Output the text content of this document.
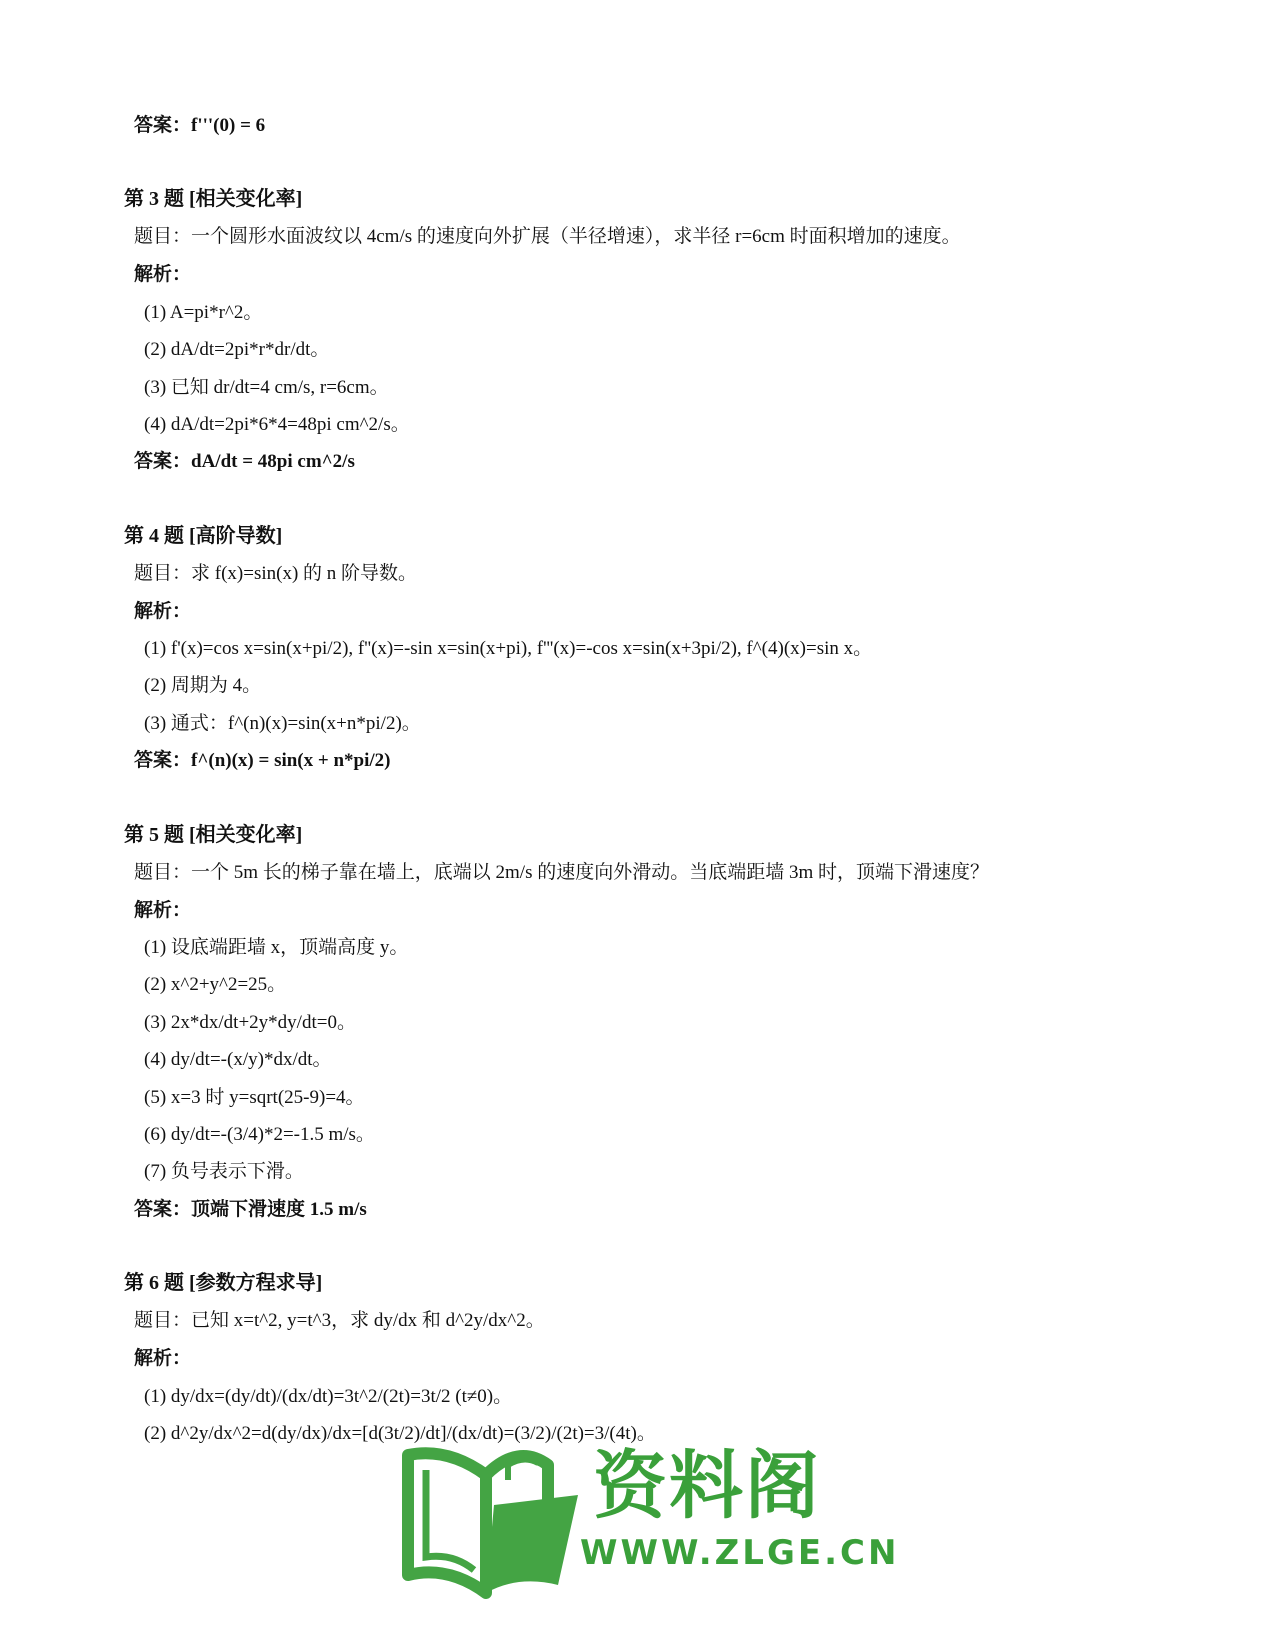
答案：f'''(0) = 6
第 3 题 [相关变化率]
题目：一个圆形水面波纹以 4cm/s 的速度向外扩展（半径增速），求半径 r=6cm 时面积增加的速度。
解析：
(1) A=pi*r^2。
(2) dA/dt=2pi*r*dr/dt。
(3) 已知 dr/dt=4 cm/s, r=6cm。
(4) dA/dt=2pi*6*4=48pi cm^2/s。
答案：dA/dt = 48pi cm^2/s
第 4 题 [高阶导数]
题目：求 f(x)=sin(x) 的 n 阶导数。
解析：
(1) f'(x)=cos x=sin(x+pi/2), f''(x)=-sin x=sin(x+pi), f'''(x)=-cos x=sin(x+3pi/2), f^(4)(x)=sin x。
(2) 周期为 4。
(3) 通式：f^(n)(x)=sin(x+n*pi/2)。
答案：f^(n)(x) = sin(x + n*pi/2)
第 5 题 [相关变化率]
题目：一个 5m 长的梯子靠在墙上，底端以 2m/s 的速度向外滑动。当底端距墙 3m 时，顶端下滑速度？
解析：
(1) 设底端距墙 x，顶端高度 y。
(2) x^2+y^2=25。
(3) 2x*dx/dt+2y*dy/dt=0。
(4) dy/dt=-(x/y)*dx/dt。
(5) x=3 时 y=sqrt(25-9)=4。
(6) dy/dt=-(3/4)*2=-1.5 m/s。
(7) 负号表示下滑。
答案：顶端下滑速度 1.5 m/s
第 6 题 [参数方程求导]
题目：已知 x=t^2, y=t^3，求 dy/dx 和 d^2y/dx^2。
解析：
(1) dy/dx=(dy/dt)/(dx/dt)=3t^2/(2t)=3t/2 (t≠0)。
(2) d^2y/dx^2=d(dy/dx)/dx=[d(3t/2)/dt]/(dx/dt)=(3/2)/(2t)=3/(4t)。
资料阁
WWW.ZLGE.CN
